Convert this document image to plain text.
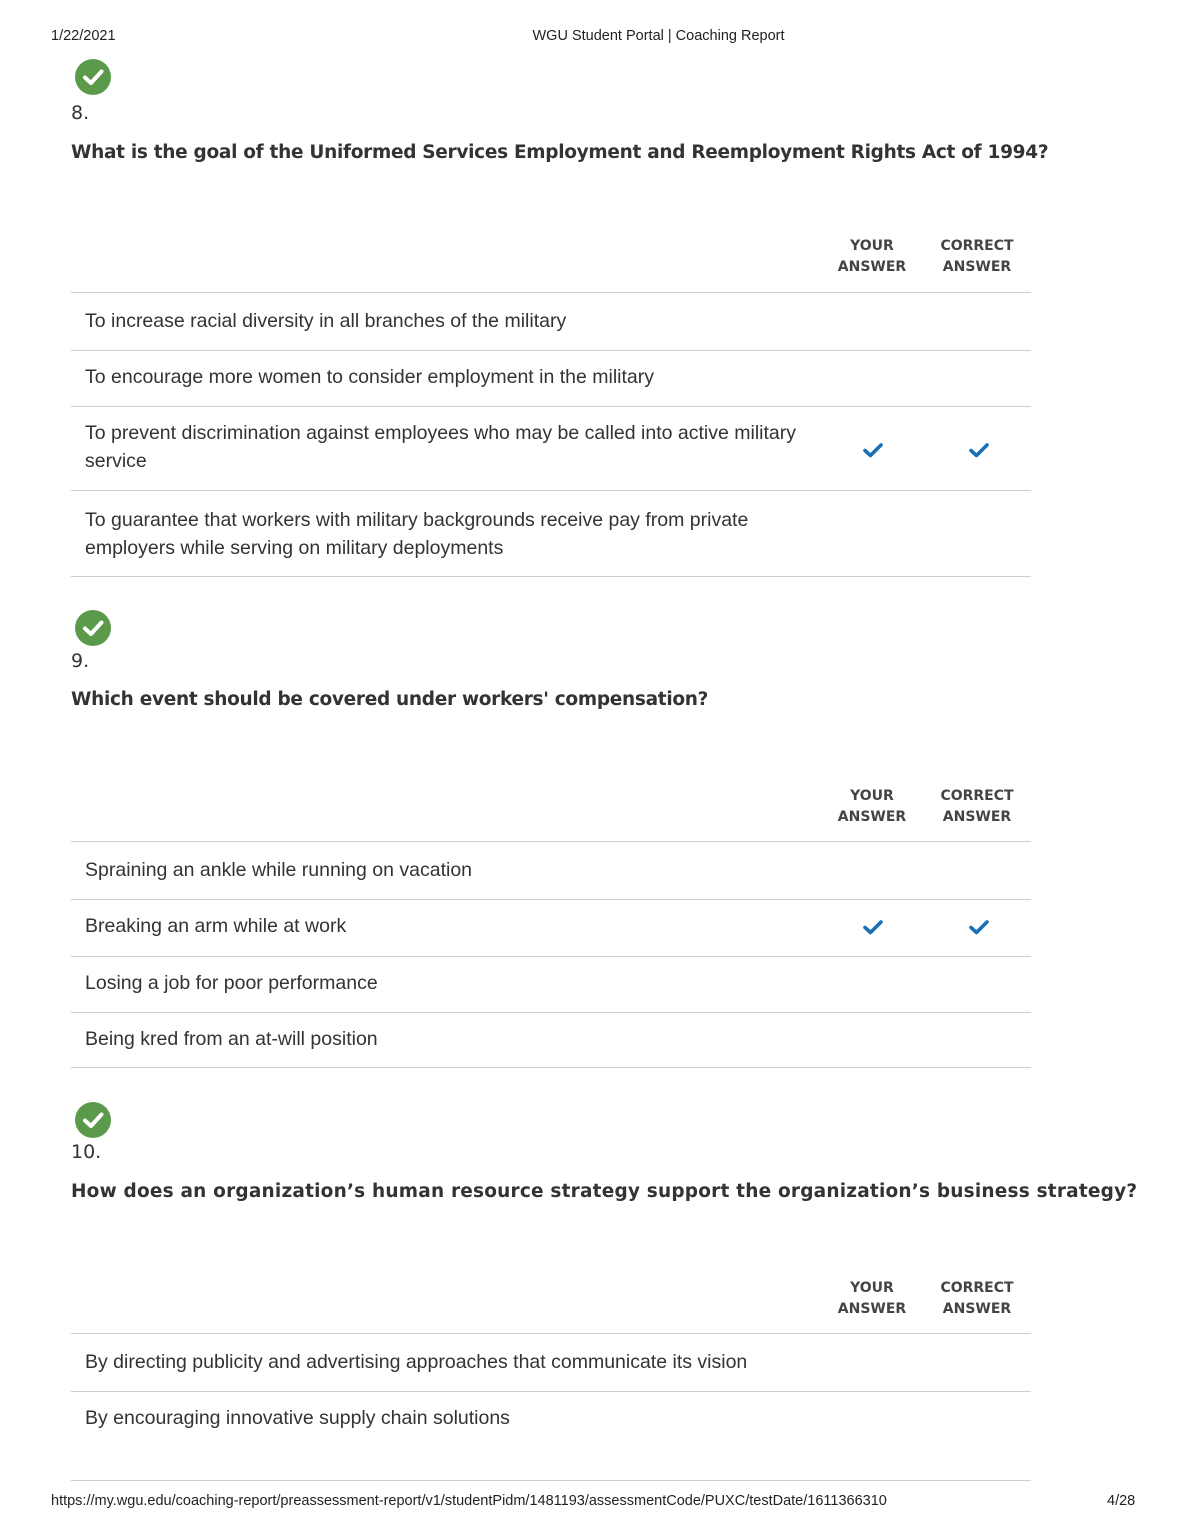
1/22/2021	WGU Student Portal | Coaching Report
8.
What is the goal of the Uniformed Services Employment and Reemployment Rights Act of 1994?
YOUR
ANSWER
CORRECT
ANSWER
To increase racial diversity in all branches of the military
To encourage more women to consider employment in the military
To prevent discrimination against employees who may be called into active military service
To guarantee that workers with military backgrounds receive pay from private employers while serving on military deployments
9.
Which event should be covered under workers' compensation?
YOUR
ANSWER
CORRECT
ANSWER
Spraining an ankle while running on vacation
Breaking an arm while at work
Losing a job for poor performance
Being kred from an at-will position
10.
How does an organization’s human resource strategy support the organization’s business strategy?
YOUR
ANSWER
CORRECT
ANSWER
By directing publicity and advertising approaches that communicate its vision
By encouraging innovative supply chain solutions
https://my.wgu.edu/coaching-report/preassessment-report/v1/studentPidm/1481193/assessmentCode/PUXC/testDate/1611366310	4/28
